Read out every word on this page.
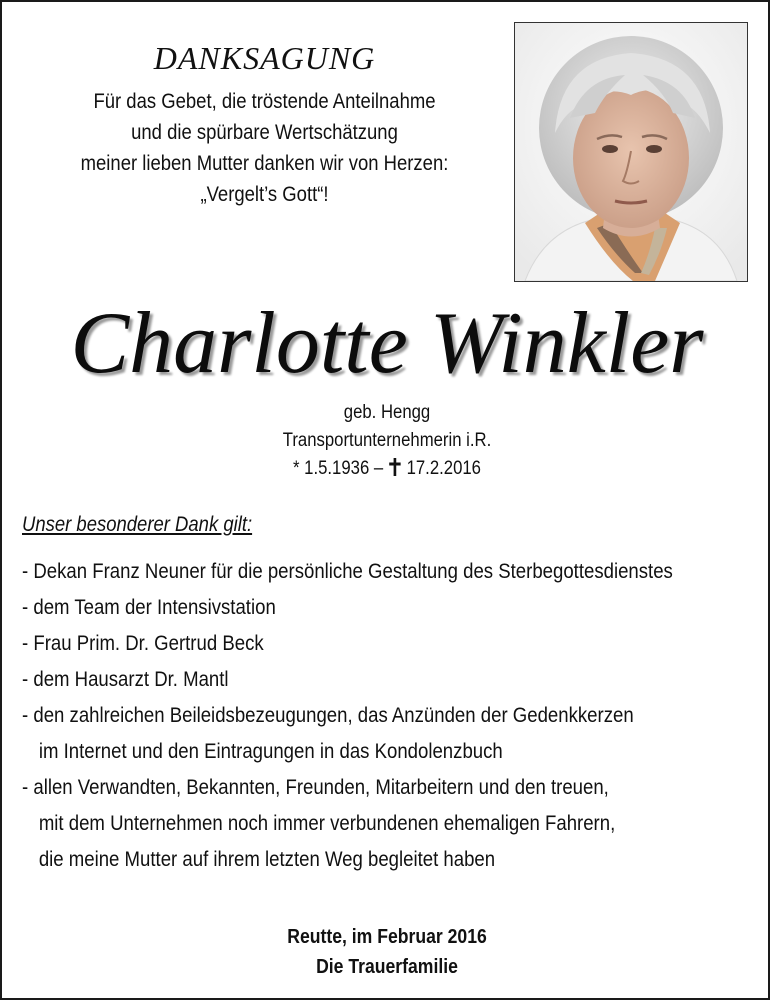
DANKSAGUNG
Für das Gebet, die tröstende Anteilnahme
und die spürbare Wertschätzung
meiner lieben Mutter danken wir von Herzen:
„Vergelt’s Gott“!
Charlotte Winkler
geb. Hengg
Transportunternehmerin i.R.
* 1.5.1936 – 17.2.2016
Unser besonderer Dank gilt:
- Dekan Franz Neuner für die persönliche Gestaltung des Sterbegottesdienstes
- dem Team der Intensivstation
- Frau Prim. Dr. Gertrud Beck
- dem Hausarzt Dr. Mantl
- den zahlreichen Beileidsbezeugungen, das Anzünden der Gedenkkerzen
im Internet und den Eintragungen in das Kondolenzbuch
- allen Verwandten, Bekannten, Freunden, Mitarbeitern und den treuen,
mit dem Unternehmen noch immer verbundenen ehemaligen Fahrern,
die meine Mutter auf ihrem letzten Weg begleitet haben
Reutte, im Februar 2016
Die Trauerfamilie
